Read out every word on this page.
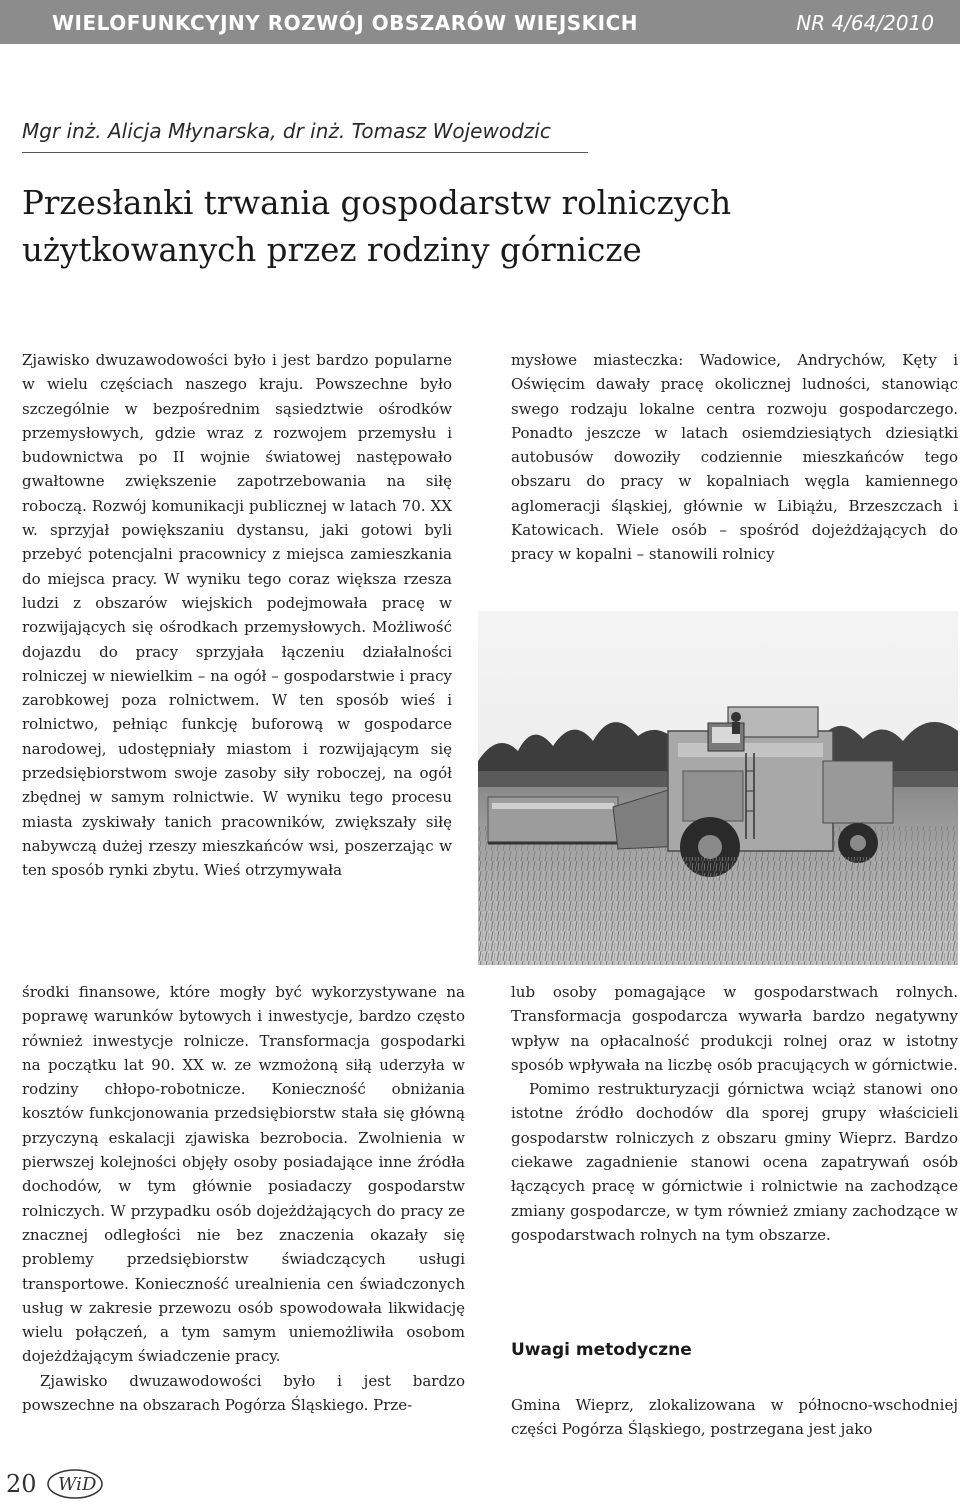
WIELOFUNKCYJNY ROZWÓJ OBSZARÓW WIEJSKICH	NR 4/64/2010
Mgr inż. Alicja Młynarska, dr inż. Tomasz Wojewodzic
Przesłanki trwania gospodarstw rolniczych
użytkowanych przez rodziny górnicze

Zjawisko dwuzawodowości było i jest bardzo popularne w wielu częściach naszego kraju. Powszechne było szczególnie w bezpośrednim sąsiedztwie ośrodków przemysłowych, gdzie wraz z rozwojem przemysłu i budownictwa po II wojnie światowej następowało gwałtowne zwiększenie zapotrzebowania na siłę roboczą. Rozwój komunikacji publicznej w latach 70. XX w. sprzyjał powiększaniu dystansu, jaki gotowi byli przebyć potencjalni pracownicy z miejsca zamieszkania do miejsca pracy. W wyniku tego coraz większa rzesza ludzi z obszarów wiejskich podejmowała pracę w rozwijających się ośrodkach przemysłowych. Możliwość dojazdu do pracy sprzyjała łączeniu działalności rolniczej w niewielkim – na ogół – gospodarstwie i pracy zarobkowej poza rolnictwem. W ten sposób wieś i rolnictwo, pełniąc funkcję buforową w gospodarce narodowej, udostępniały miastom i rozwijającym się przedsiębiorstwom swoje zasoby siły roboczej, na ogół zbędnej w samym rolnictwie. W wyniku tego procesu miasta zyskiwały tanich pracowników, zwiększały siłę nabywczą dużej rzeszy mieszkańców wsi, poszerzając w ten sposób rynki zbytu. Wieś otrzymywała

środki finansowe, które mogły być wykorzystywane na poprawę warunków bytowych i inwestycje, bardzo często również inwestycje rolnicze. Transformacja gospodarki na początku lat 90. XX w. ze wzmożoną siłą uderzyła w rodziny chłopo-robotnicze. Konieczność obniżania kosztów funkcjonowania przedsiębiorstw stała się główną przyczyną eskalacji zjawiska bezrobocia. Zwolnienia w pierwszej kolejności objęły osoby posiadające inne źródła dochodów, w tym głównie posiadaczy gospodarstw rolniczych. W przypadku osób dojeżdżających do pracy ze znacznej odległości nie bez znaczenia okazały się problemy przedsiębiorstw świadczących usługi transportowe. Konieczność urealnienia cen świadczonych usług w zakresie przewozu osób spowodowała likwidację wielu połączeń, a tym samym uniemożliwiła osobom dojeżdżającym świadczenie pracy.

Zjawisko dwuzawodowości było i jest bardzo powszechne na obszarach Pogórza Śląskiego. Prze-

mysłowe miasteczka: Wadowice, Andrychów, Kęty i Oświęcim dawały pracę okolicznej ludności, stanowiąc swego rodzaju lokalne centra rozwoju gospodarczego. Ponadto jeszcze w latach osiemdziesiątych dziesiątki autobusów dowoziły codziennie mieszkańców tego obszaru do pracy w kopalniach węgla kamiennego aglomeracji śląskiej, głównie w Libiążu, Brzeszczach i Katowicach. Wiele osób – spośród dojeżdżających do pracy w kopalni – stanowili rolnicy

lub osoby pomagające w gospodarstwach rolnych. Transformacja gospodarcza wywarła bardzo negatywny wpływ na opłacalność produkcji rolnej oraz w istotny sposób wpływała na liczbę osób pracujących w górnictwie.

Pomimo restrukturyzacji górnictwa wciąż stanowi ono istotne źródło dochodów dla sporej grupy właścicieli gospodarstw rolniczych z obszaru gminy Wieprz. Bardzo ciekawe zagadnienie stanowi ocena zapatrywań osób łączących pracę w górnictwie i rolnictwie na zachodzące zmiany gospodarcze, w tym również zmiany zachodzące w gospodarstwach rolnych na tym obszarze.

Uwagi metodyczne

Gmina Wieprz, zlokalizowana w północno-wschodniej części Pogórza Śląskiego, postrzegana jest jako

20 WiD
